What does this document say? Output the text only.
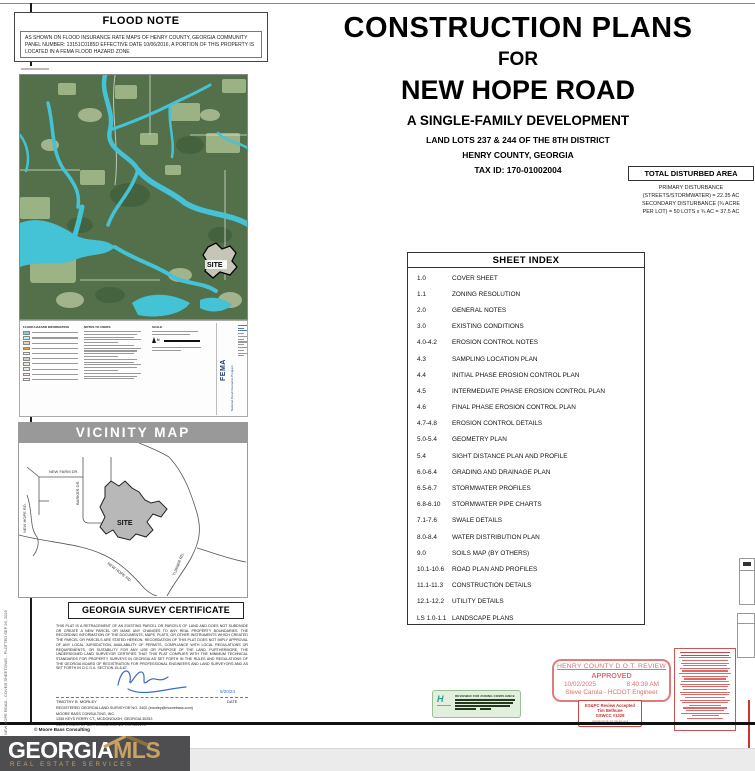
FLOOD NOTE
AS SHOWN ON FLOOD INSURANCE RATE MAPS OF HENRY COUNTY, GEORGIA COMMUNITY PANEL NUMBER: 13151C0185D EFFECTIVE DATE 10/06/2016, A PORTION OF THIS PROPERTY IS LOCATED IN A FEMA FLOOD HAZARD ZONE
CONSTRUCTION PLANS
FOR
NEW HOPE ROAD
A SINGLE-FAMILY DEVELOPMENT
LAND LOTS 237 & 244 OF THE 8TH DISTRICT
HENRY COUNTY, GEORGIA
TAX ID: 170-01002004	TOTAL DISTURBED AREA
PRIMARY DISTURBANCE
(STREETS/STORMWATER) = 22.35 AC
SECONDARY DISTURBANCE (¾ ACRE
PER LOT) = 50 LOTS x ¾ AC = 37.5 AC
SHEET INDEX
1.0	COVER SHEET
1.1	ZONING RESOLUTION
2.0	GENERAL NOTES
3.0	EXISTING CONDITIONS
4.0-4.2	EROSION CONTROL NOTES
4.3	SAMPLING LOCATION PLAN
4.4	INITIAL PHASE EROSION CONTROL PLAN
4.5	INTERMEDIATE PHASE EROSION CONTROL PLAN
4.6	FINAL PHASE EROSION CONTROL PLAN
4.7-4.8	EROSION CONTROL DETAILS
5.0-5.4	GEOMETRY PLAN
5.4	SIGHT DISTANCE PLAN AND PROFILE
6.0-6.4	GRADING AND DRAINAGE PLAN
6.5-6.7	STORMWATER PROFILES
6.8-6.10	STORMWATER PIPE CHARTS
7.1-7.6	SWALE DETAILS
8.0-8.4	WATER DISTRIBUTION PLAN
9.0	SOILS MAP (BY OTHERS)
10.1-10.6	ROAD PLAN AND PROFILES
11.1-11.3	CONSTRUCTION DETAILS
12.1-12.2	UTILITY DETAILS
LS 1.0-1.1 LANDSCAPE PLANS
SITE
FLOOD HAZARD INFORMATION	NOTES TO USERS	SCALE
N
FEMA National Flood Insurance Program
VICINITY MAP
SITE
NEW FARM DR.
BARKER DR.
NEW HOPE RD.
NEW HOPE RD.	TURNER RD.
GEORGIA SURVEY CERTIFICATE
THIS PLAT IS A RETRACEMENT OF AN EXISTING PARCEL OR PARCELS OF LAND AND DOES NOT SUBDIVIDE OR CREATE A NEW PARCEL OR MAKE ANY CHANGES TO ANY REAL PROPERTY BOUNDARIES. THE RECORDING INFORMATION OF THE DOCUMENTS, MAPS, PLATS, OR OTHER INSTRUMENTS WHICH CREATED THE PARCEL OR PARCELS ARE STATED HEREON. RECORDATION OF THIS PLAT DOES NOT IMPLY APPROVAL OF ANY LOCAL JURISDICTION, AVAILABILITY OF PERMITS, COMPLIANCE WITH LOCAL REGULATIONS OR REQUIREMENTS, OR SUITABILITY FOR ANY USE OR PURPOSE OF THE LAND. FURTHERMORE, THE UNDERSIGNED LAND SURVEYOR CERTIFIES THAT THIS PLAT COMPLIES WITH THE MINIMUM TECHNICAL STANDARDS FOR PROPERTY SURVEYS IN GEORGIA AS SET FORTH IN THE RULES AND REGULATIONS OF THE GEORGIA BOARD OF REGISTRATION FOR PROFESSIONAL ENGINEERS AND LAND SURVEYORS AND AS SET FORTH IN O.C.G.A. SECTION 15-6-67.
TIMOTHY B. MORLEY	DATE
6/20/24
REGISTERED GEORGIA LAND SURVEYOR NO. 3402 (tmorley@moorebass.com)
MOORE BASS CONSULTING, INC.
1355 KEYS FERRY CT., MCDONOUGH, GEORGIA 30253
H	REVIEWED FOR ZONING COMPLIANCE
HENRY COUNTY D.O.T. REVIEW
APPROVED
10/02/2025	8:40:39 AM
Steve Carola - HCDOT Engineer
ES&PC Review Accepted
Tim Bethune
GSWCC #1329
© Moore Bass Consulting
GEORGIA MLS
REAL ESTATE SERVICES
NEW HOPE ROAD - COVER SHEET.DWG - PLOTTED SEP 26, 2025
